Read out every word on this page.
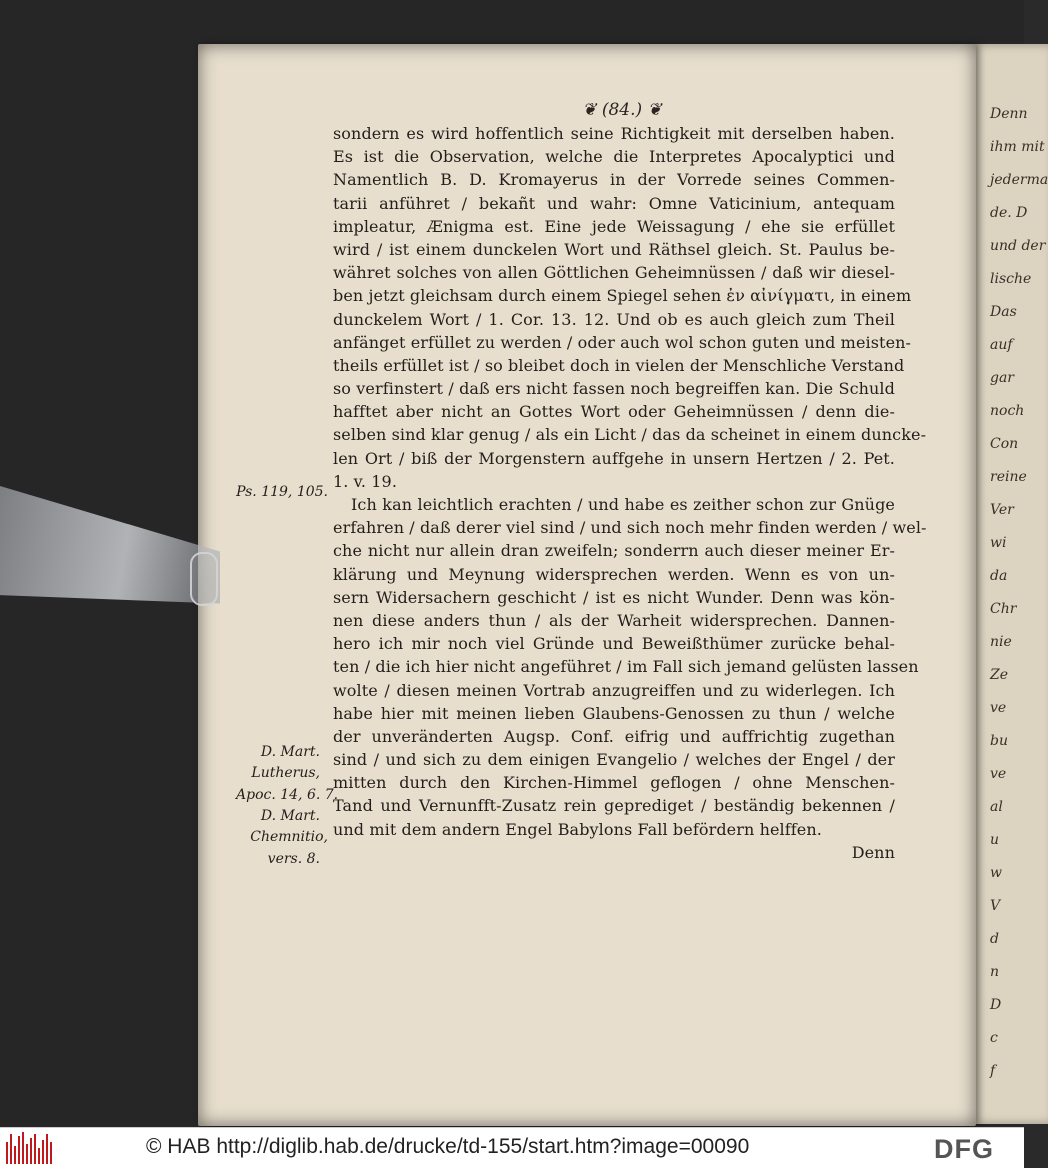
Denn
ihm mit
jederma
de. D
und der
lische
Das
auf
gar
noch
Con
reine
Ver
wi
da
Chr
nie
Ze
ve
bu
ve
al
u
w
V
d
n
D
c
f
❦ (84.) ❦
sondern es wird hoffentlich seine Richtigkeit mit derselben haben.
Es ist die Observation, welche die Interpretes Apocalyptici und
Namentlich B. D. Kromayerus in der Vorrede seines Commen-
tarii anführet / bekañt und wahr: Omne Vaticinium, antequam
impleatur, Ænigma est. Eine jede Weissagung / ehe sie erfüllet
wird / ist einem dunckelen Wort und Räthsel gleich. St. Paulus be-
währet solches von allen Göttlichen Geheimnüssen / daß wir diesel-
ben jetzt gleichsam durch einem Spiegel sehen ἐν αἰνίγματι, in einem
dunckelem Wort / 1. Cor. 13. 12. Und ob es auch gleich zum Theil
anfänget erfüllet zu werden / oder auch wol schon guten und meisten-
theils erfüllet ist / so bleibet doch in vielen der Menschliche Verstand
so verfinstert / daß ers nicht fassen noch begreiffen kan. Die Schuld
hafftet aber nicht an Gottes Wort oder Geheimnüssen / denn die-
selben sind klar genug / als ein Licht / das da scheinet in einem duncke-
len Ort / biß der Morgenstern auffgehe in unsern Hertzen / 2. Pet.
1. v. 19.
Ich kan leichtlich erachten / und habe es zeither schon zur Gnüge
erfahren / daß derer viel sind / und sich noch mehr finden werden / wel-
che nicht nur allein dran zweifeln; sonderrn auch dieser meiner Er-
klärung und Meynung widersprechen werden. Wenn es von un-
sern Widersachern geschicht / ist es nicht Wunder. Denn was kön-
nen diese anders thun / als der Warheit widersprechen. Dannen-
hero ich mir noch viel Gründe und Beweißthümer zurücke behal-
ten / die ich hier nicht angeführet / im Fall sich jemand gelüsten lassen
wolte / diesen meinen Vortrab anzugreiffen und zu widerlegen. Ich
habe hier mit meinen lieben Glaubens-Genossen zu thun / welche
der unveränderten Augsp. Conf. eifrig und auffrichtig zugethan
sind / und sich zu dem einigen Evangelio / welches der Engel / der
mitten durch den Kirchen-Himmel geflogen / ohne Menschen-
Tand und Vernunfft-Zusatz rein geprediget / beständig bekennen /
und mit dem andern Engel Babylons Fall befördern helffen.
Denn
Ps. 119, 105.
D. Mart.
Lutherus,
Apoc. 14, 6. 7.
D. Mart.
Chemnitio,
vers. 8.
© HAB http://diglib.hab.de/drucke/td-155/start.htm?image=00090	DFG
